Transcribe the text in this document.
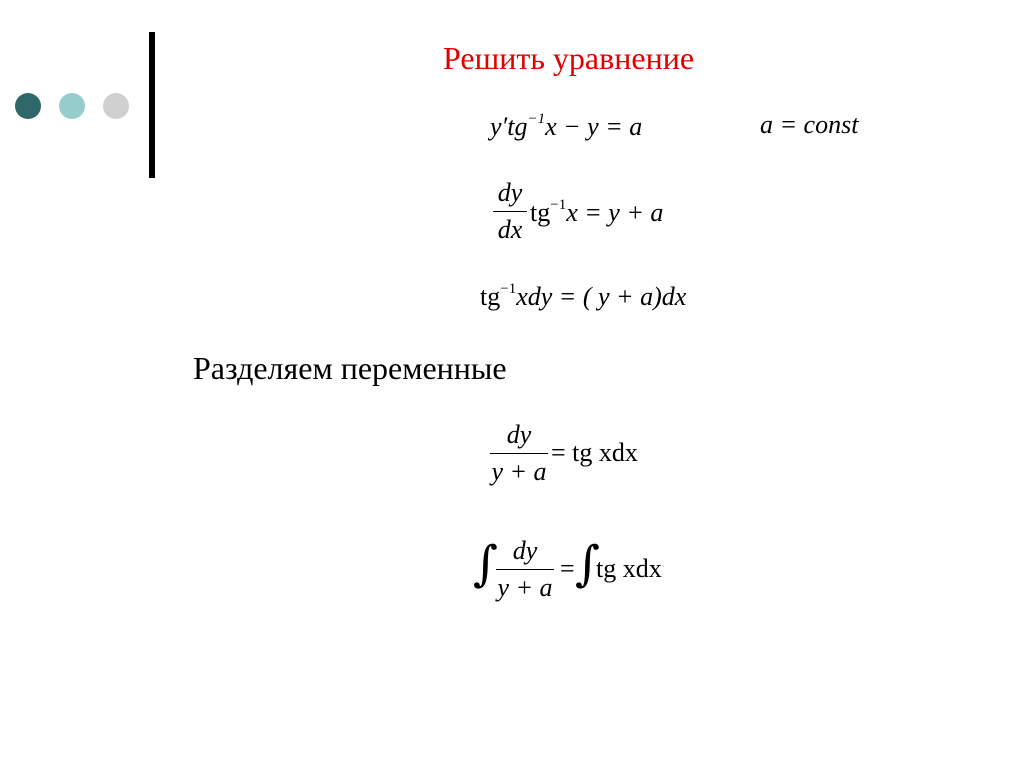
Решить уравнение
$y'tg^{-1}x - y = a$	a = const
dy
dx
$tg^{-1}x = y + a$
$tg^{-1}xdy$ = ( y + a)dx
Разделяем переменные
dy
y + a
= tg xdx
∫ dy
y + a
= ∫
tg xdx
